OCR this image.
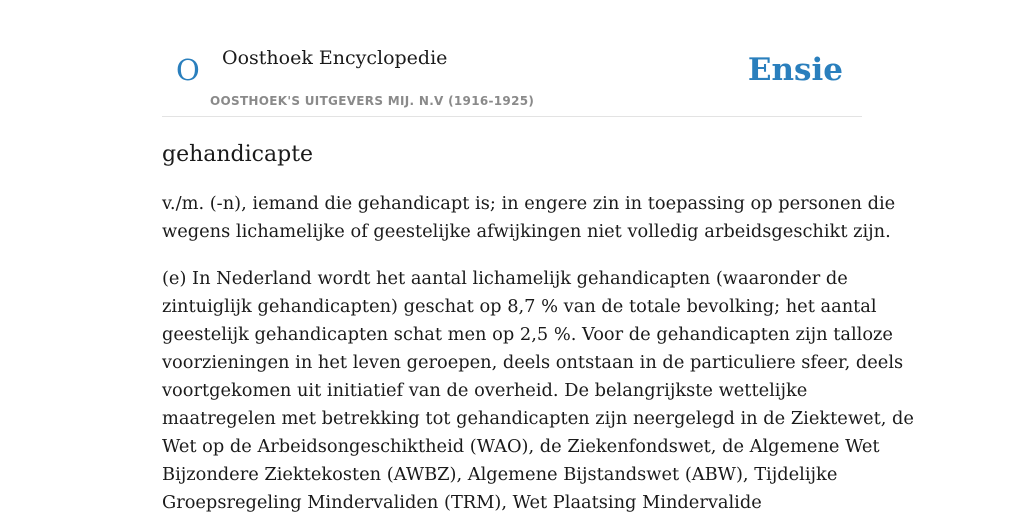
O Oosthoek Encyclopedie
OOSTHOEK'S UITGEVERS MIJ. N.V (1916-1925)
Ensie
gehandicapte

v./m. (-n), iemand die gehandicapt is; in engere zin in toepassing op personen die
wegens lichamelijke of geestelijke afwijkingen niet volledig arbeidsgeschikt zijn.

(e) In Nederland wordt het aantal lichamelijk gehandicapten (waaronder de
zintuiglijk gehandicapten) geschat op 8,7 % van de totale bevolking; het aantal
geestelijk gehandicapten schat men op 2,5 %. Voor de gehandicapten zijn talloze
voorzieningen in het leven geroepen, deels ontstaan in de particuliere sfeer, deels
voortgekomen uit initiatief van de overheid. De belangrijkste wettelijke
maatregelen met betrekking tot gehandicapten zijn neergelegd in de Ziektewet, de
Wet op de Arbeidsongeschiktheid (WAO), de Ziekenfondswet, de Algemene Wet
Bijzondere Ziektekosten (AWBZ), Algemene Bijstandswet (ABW), Tijdelijke
Groepsregeling Mindervaliden (TRM), Wet Plaatsing Mindervalide
